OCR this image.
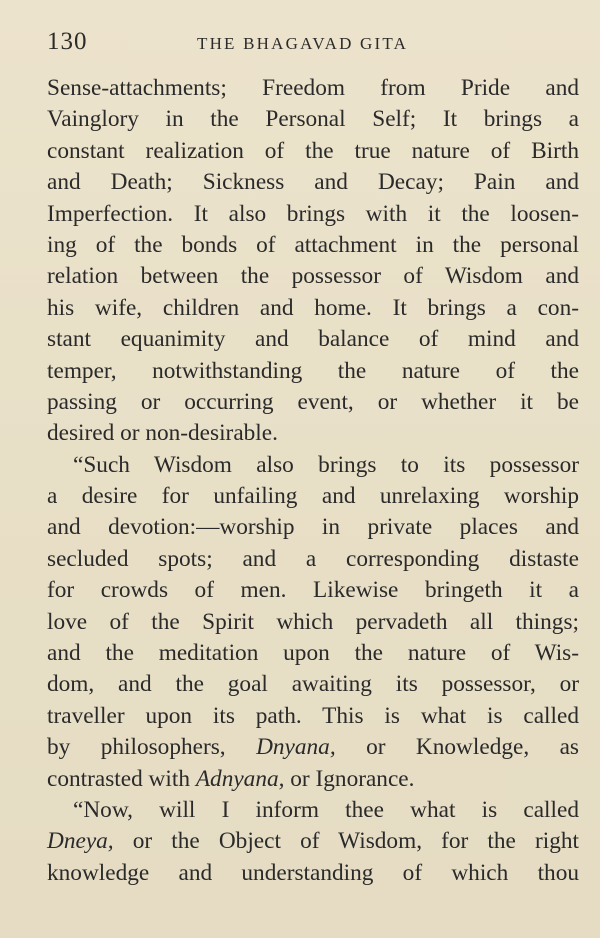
130	THE BHAGAVAD GITA
Sense-attachments; Freedom from Pride and
Vainglory in the Personal Self; It brings a
constant realization of the true nature of Birth
and Death; Sickness and Decay; Pain and
Imperfection. It also brings with it the loosen-
ing of the bonds of attachment in the personal
relation between the possessor of Wisdom and
his wife, children and home. It brings a con-
stant equanimity and balance of mind and
temper, notwithstanding the nature of the
passing or occurring event, or whether it be
desired or non-desirable.
“Such Wisdom also brings to its possessor
a desire for unfailing and unrelaxing worship
and devotion:—worship in private places and
secluded spots; and a corresponding distaste
for crowds of men. Likewise bringeth it a
love of the Spirit which pervadeth all things;
and the meditation upon the nature of Wis-
dom, and the goal awaiting its possessor, or
traveller upon its path. This is what is called
by philosophers, Dnyana, or Knowledge, as
contrasted with Adnyana, or Ignorance.
“Now, will I inform thee what is called
Dneya, or the Object of Wisdom, for the right
knowledge and understanding of which thou
